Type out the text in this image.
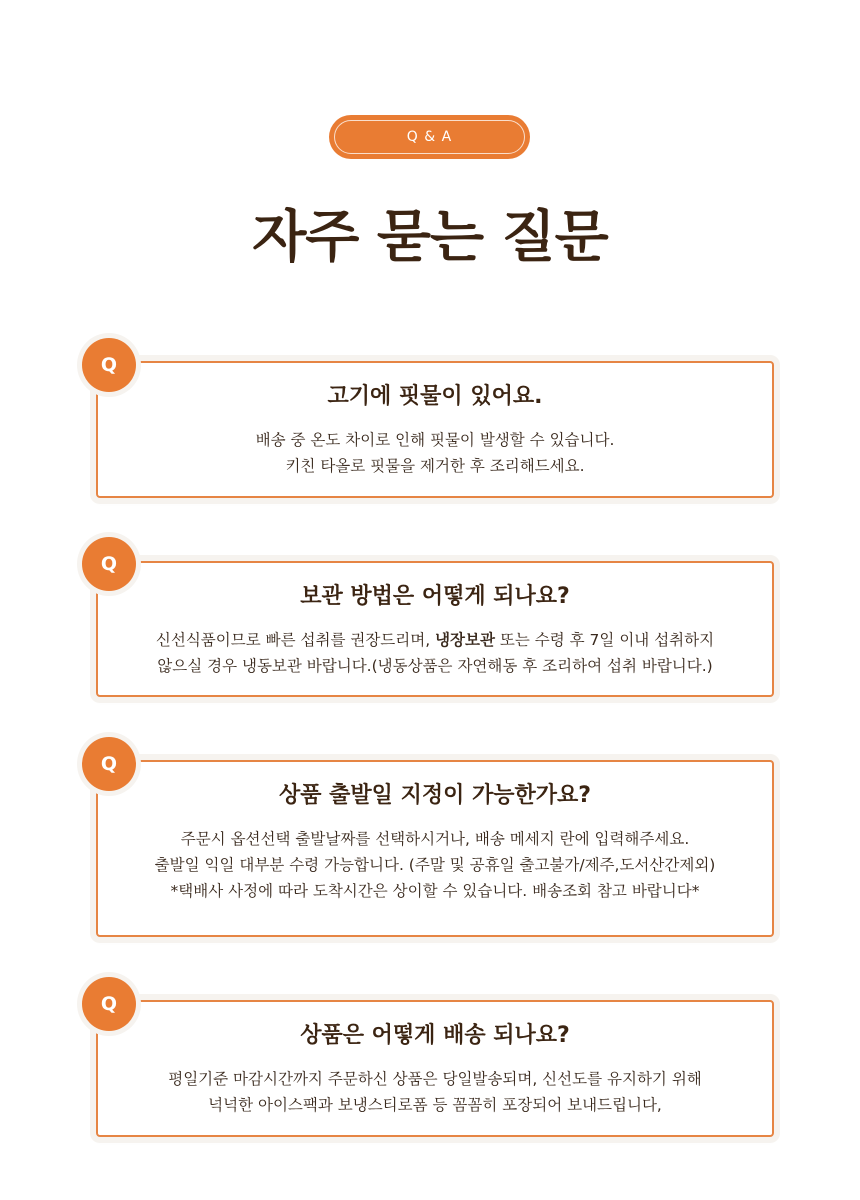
Q & A
자주 묻는 질문
고기에 핏물이 있어요.

배송 중 온도 차이로 인해 핏물이 발생할 수 있습니다.

키친 타올로 핏물을 제거한 후 조리해드세요.

Q
보관 방법은 어떻게 되나요?

신선식품이므로 빠른 섭취를 권장드리며, 냉장보관 또는 수령 후 7일 이내 섭취하지

않으실 경우 냉동보관 바랍니다.(냉동상품은 자연해동 후 조리하여 섭취 바랍니다.)

Q
상품 출발일 지정이 가능한가요?

주문시 옵션선택 출발날짜를 선택하시거나, 배송 메세지 란에 입력해주세요.

출발일 익일 대부분 수령 가능합니다. (주말 및 공휴일 출고불가/제주,도서산간제외)

*택배사 사정에 따라 도착시간은 상이할 수 있습니다. 배송조회 참고 바랍니다*

Q
상품은 어떻게 배송 되나요?

평일기준 마감시간까지 주문하신 상품은 당일발송되며, 신선도를 유지하기 위해

넉넉한 아이스팩과 보냉스티로폼 등 꼼꼼히 포장되어 보내드립니다,

Q
